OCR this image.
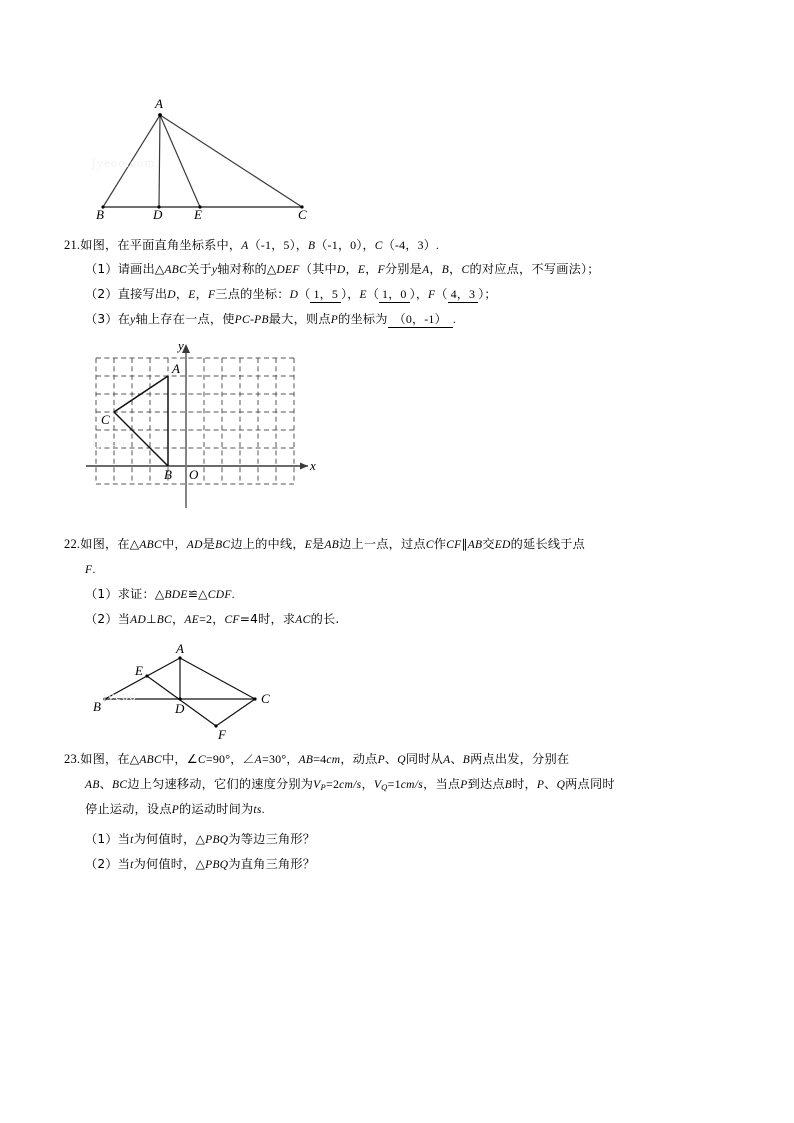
jyeoo.com
A
B	D E	C
21.如图，在平面直角坐标系中，A（-1，5），B（-1，0），C（-4，3）.
（1）请画出△ABC关于y轴对称的△DEF（其中D，E，F分别是A，B，C的对应点，不写画法）；
（2）直接写出D，E，F三点的坐标：D（ 1，5 ），E（ 1，0 ），F（ 4，3 ）；
（3）在y轴上存在一点，使PC-PB最大，则点P的坐标为 （0，-1） .
jyeoo
y
x
O
A
B
C
22.如图，在△ABC中，AD是BC边上的中线，E是AB边上一点，过点C作CF∥AB交ED的延长线于点
F.
（1）求证：△BDE≌△CDF.
（2）当AD⊥BC，AE=2，CF=4时，求AC的长.
jyeoo
A
B
C
D
E
F
23.如图，在△ABC中，∠C=90°，∠A=30°，AB=4cm，动点P、Q同时从A、B两点出发，分别在
AB、BC边上匀速移动，它们的速度分别为VP=2cm/s，VQ=1cm/s，当点P到达点B时，P、Q两点同时
停止运动，设点P的运动时间为ts.
（1）当t为何值时，△PBQ为等边三角形？
（2）当t为何值时，△PBQ为直角三角形？
